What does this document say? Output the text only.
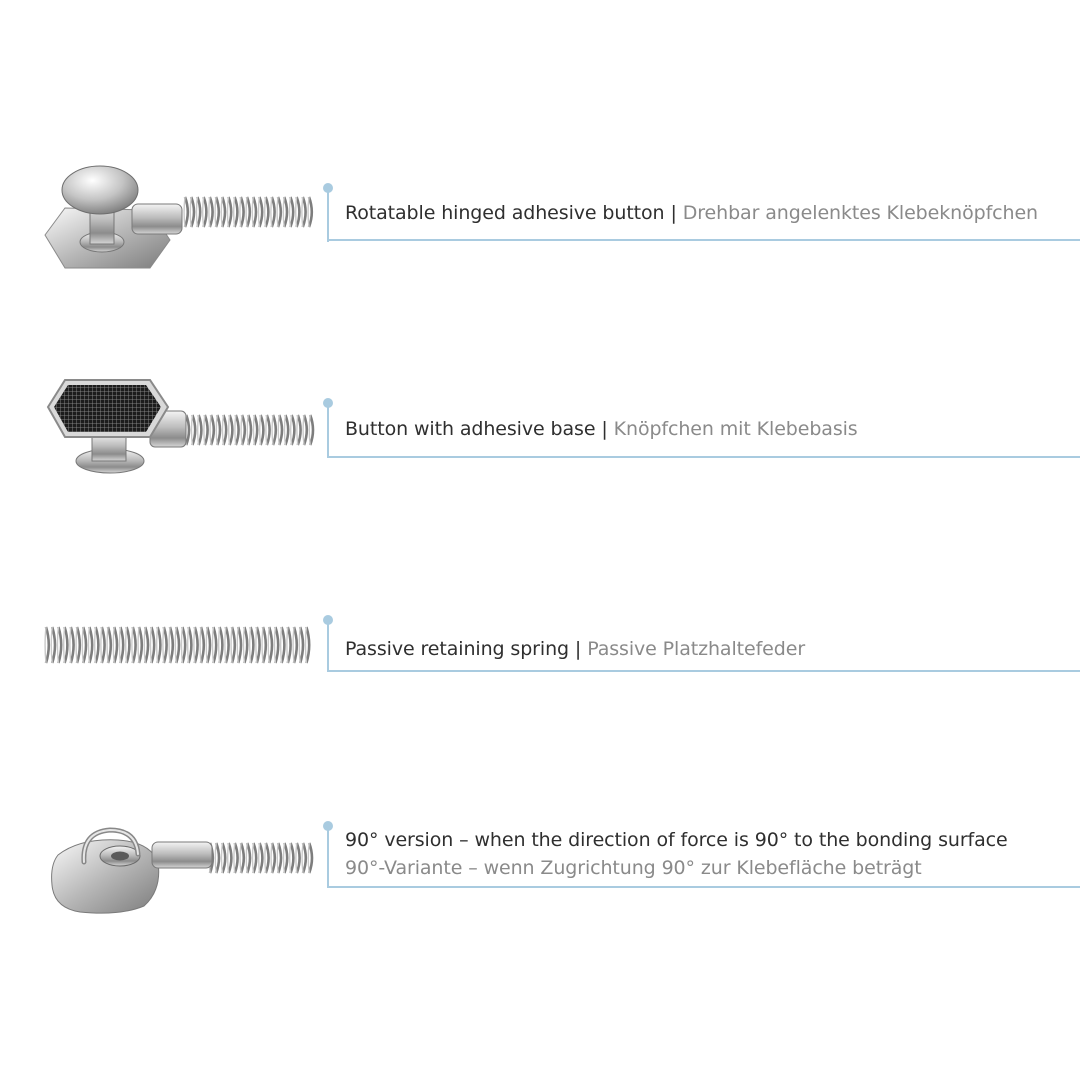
Rotatable hinged adhesive button | Drehbar angelenktes Klebeknöpfchen
Button with adhesive base | Knöpfchen mit Klebebasis
Passive retaining spring | Passive Platzhaltefeder
90° version – when the direction of force is 90° to the bonding surface
90°-Variante – wenn Zugrichtung 90° zur Klebefläche beträgt
